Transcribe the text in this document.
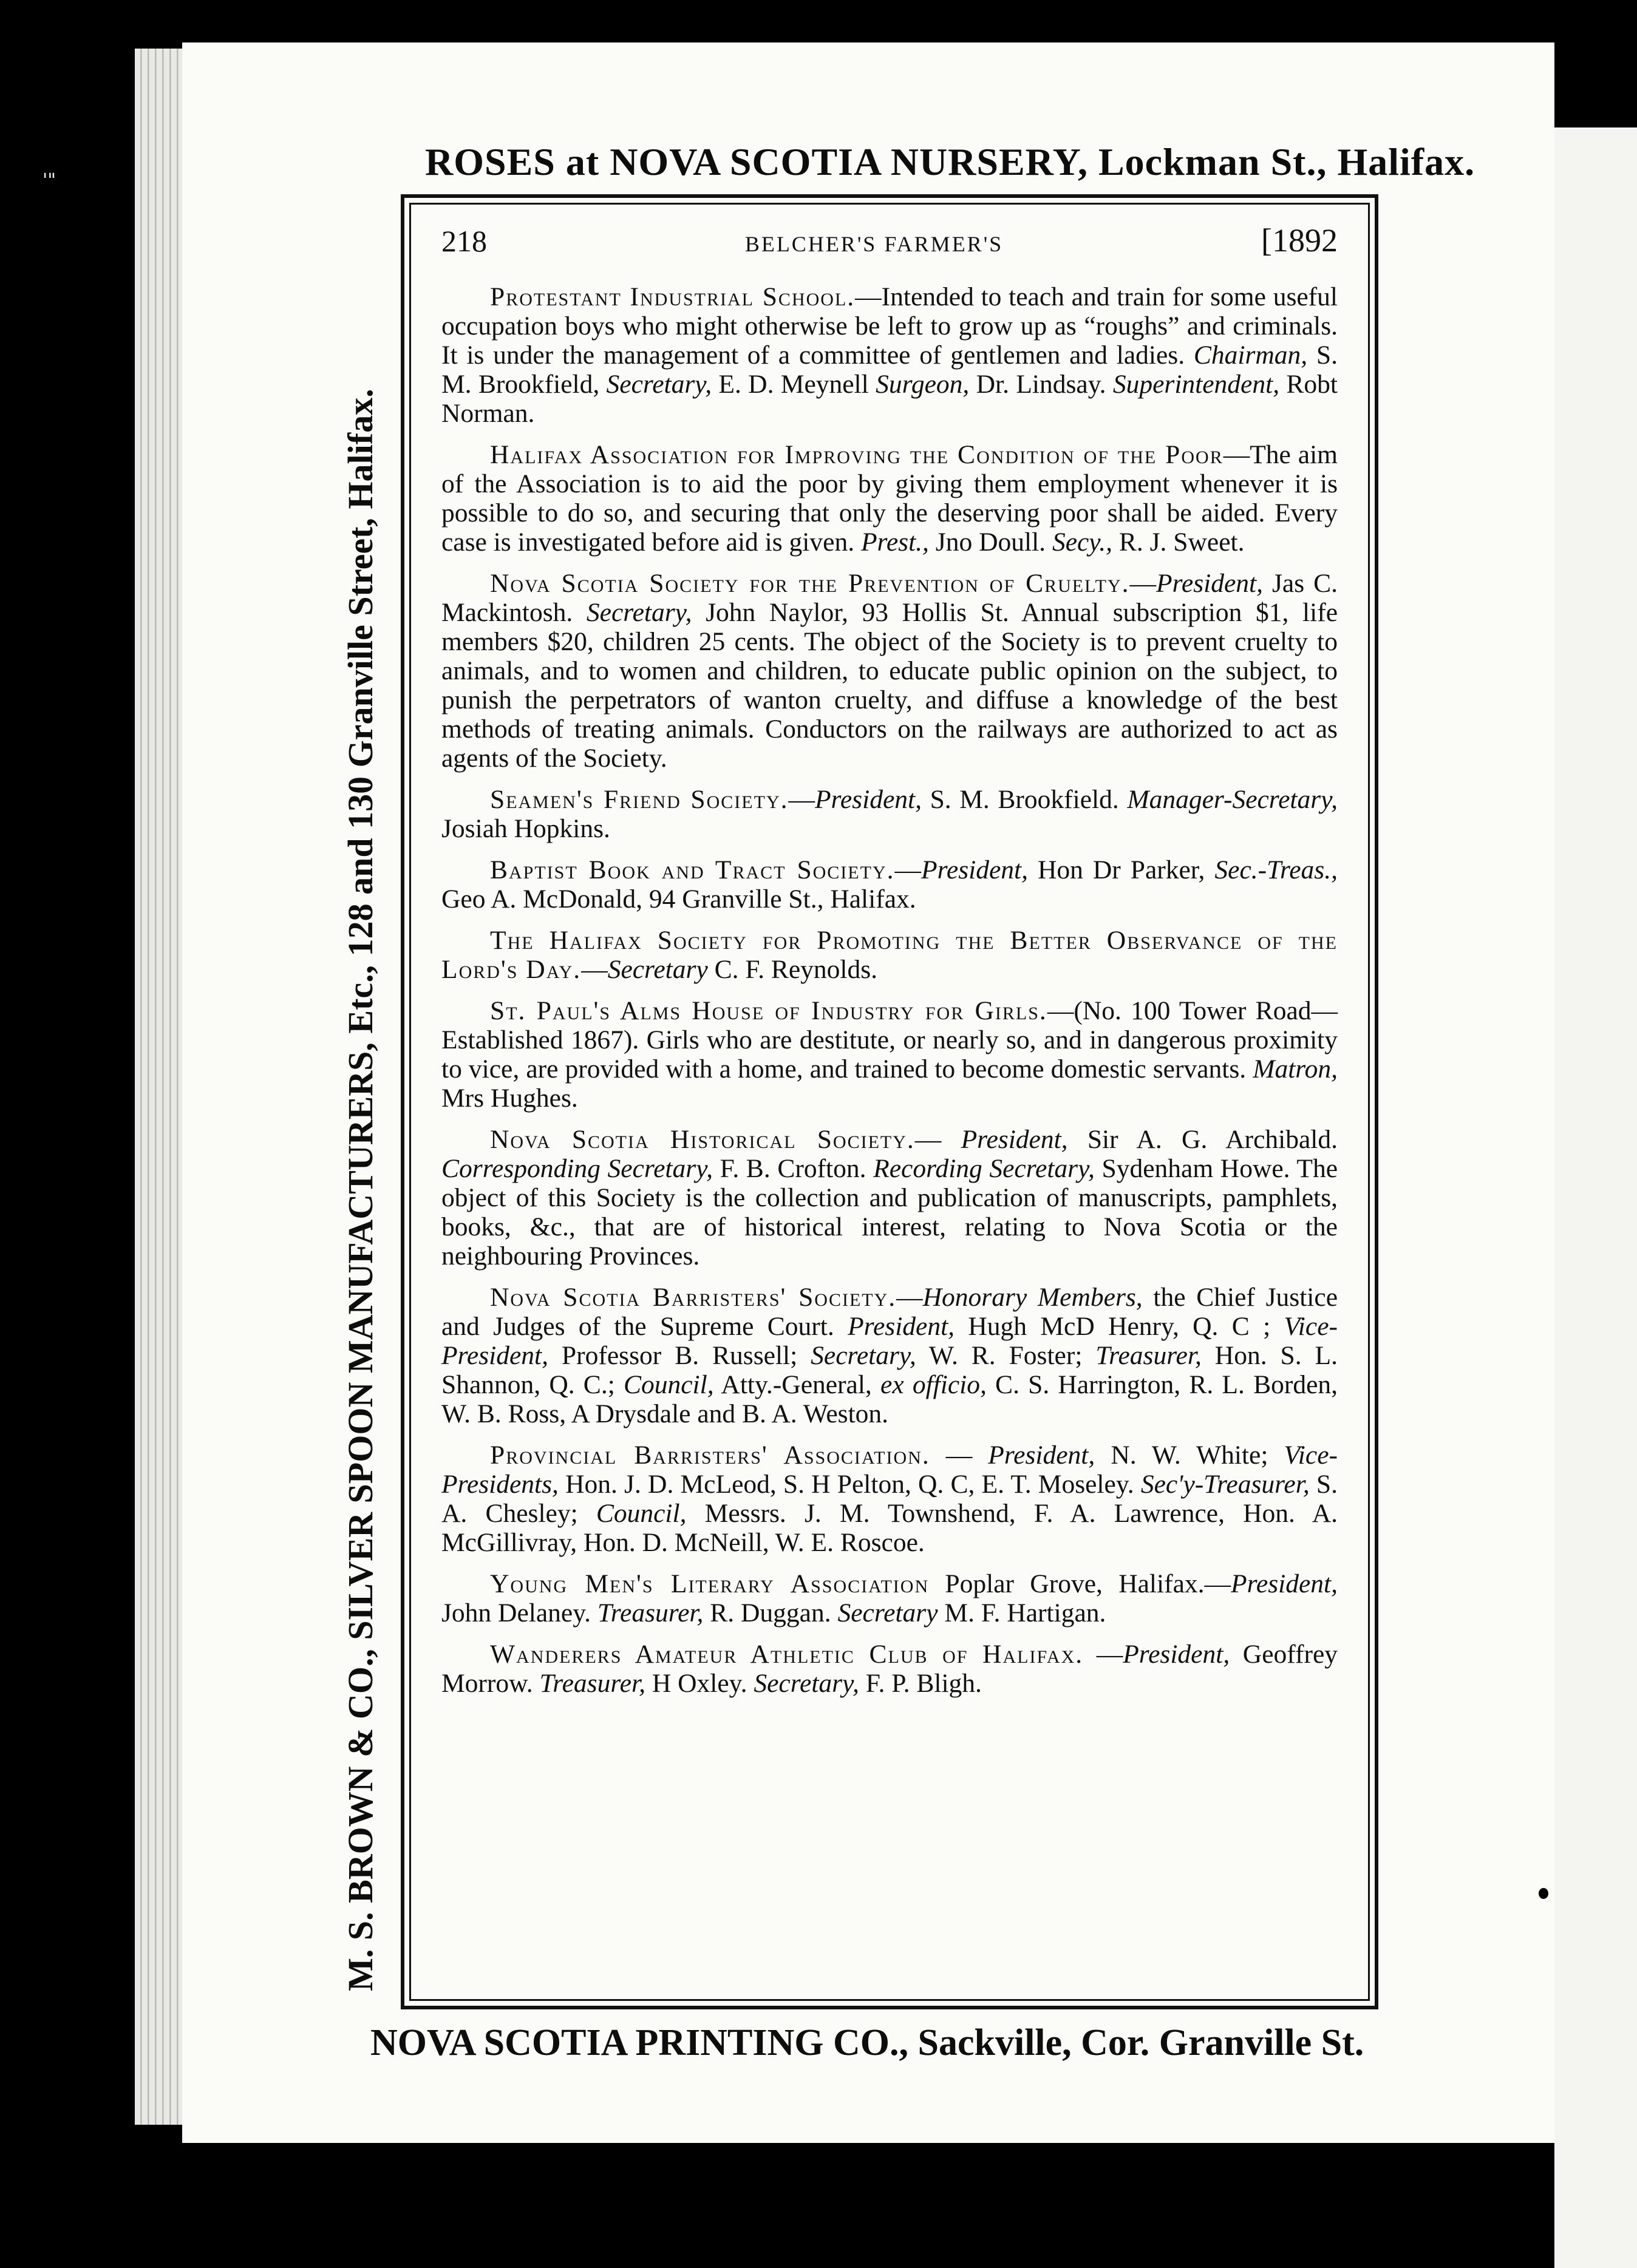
'"	ROSES at NOVA SCOTIA NURSERY, Lockman St., Halifax.
M. S. BROWN & CO., SILVER SPOON MANUFACTURERS, Etc., 128 and 130 Granville Street, Halifax.
218	BELCHER'S FARMER'S	[1892

Protestant Industrial School.—Intended to teach and train for some useful occupation boys who might otherwise be left to grow up as “roughs” and criminals. It is under the management of a committee of gentlemen and ladies. Chairman, S. M. Brookfield, Secretary, E. D. Meynell Surgeon, Dr. Lindsay. Superintendent, Robt Norman.

Halifax Association for Improving the Condition of the Poor—The aim of the Association is to aid the poor by giving them employment whenever it is possible to do so, and securing that only the deserving poor shall be aided. Every case is investigated before aid is given. Prest., Jno Doull. Secy., R. J. Sweet.

Nova Scotia Society for the Prevention of Cruelty.—President, Jas C. Mackintosh. Secretary, John Naylor, 93 Hollis St. Annual subscription $1, life members $20, children 25 cents. The object of the Society is to prevent cruelty to animals, and to women and children, to educate public opinion on the subject, to punish the perpetrators of wanton cruelty, and diffuse a knowledge of the best methods of treating animals. Conductors on the railways are authorized to act as agents of the Society.

Seamen's Friend Society.—President, S. M. Brookfield. Manager-Secretary, Josiah Hopkins.

Baptist Book and Tract Society.—President, Hon Dr Parker, Sec.-Treas., Geo A. McDonald, 94 Granville St., Halifax.

The Halifax Society for Promoting the Better Observance of the Lord's Day.—Secretary C. F. Reynolds.

St. Paul's Alms House of Industry for Girls.—(No. 100 Tower Road—Established 1867). Girls who are destitute, or nearly so, and in dangerous proximity to vice, are provided with a home, and trained to become domestic servants. Matron, Mrs Hughes.

Nova Scotia Historical Society.— President, Sir A. G. Archibald. Corresponding Secretary, F. B. Crofton. Recording Secretary, Sydenham Howe. The object of this Society is the collection and publication of manuscripts, pamphlets, books, &c., that are of historical interest, relating to Nova Scotia or the neighbouring Provinces.

Nova Scotia Barristers' Society.—Honorary Members, the Chief Justice and Judges of the Supreme Court. President, Hugh McD Henry, Q. C ; Vice-President, Professor B. Russell; Secretary, W. R. Foster; Treasurer, Hon. S. L. Shannon, Q. C.; Council, Atty.-General, ex officio, C. S. Harrington, R. L. Borden, W. B. Ross, A Drysdale and B. A. Weston.

Provincial Barristers' Association. — President, N. W. White; Vice-Presidents, Hon. J. D. McLeod, S. H Pelton, Q. C, E. T. Moseley. Sec'y-Treasurer, S. A. Chesley; Council, Messrs. J. M. Townshend, F. A. Lawrence, Hon. A. McGillivray, Hon. D. McNeill, W. E. Roscoe.

Young Men's Literary Association Poplar Grove, Halifax.—President, John Delaney. Treasurer, R. Duggan. Secretary M. F. Hartigan.

Wanderers Amateur Athletic Club of Halifax. —President, Geoffrey Morrow. Treasurer, H Oxley. Secretary, F. P. Bligh.

NOVA SCOTIA PRINTING CO., Sackville, Cor. Granville St.
